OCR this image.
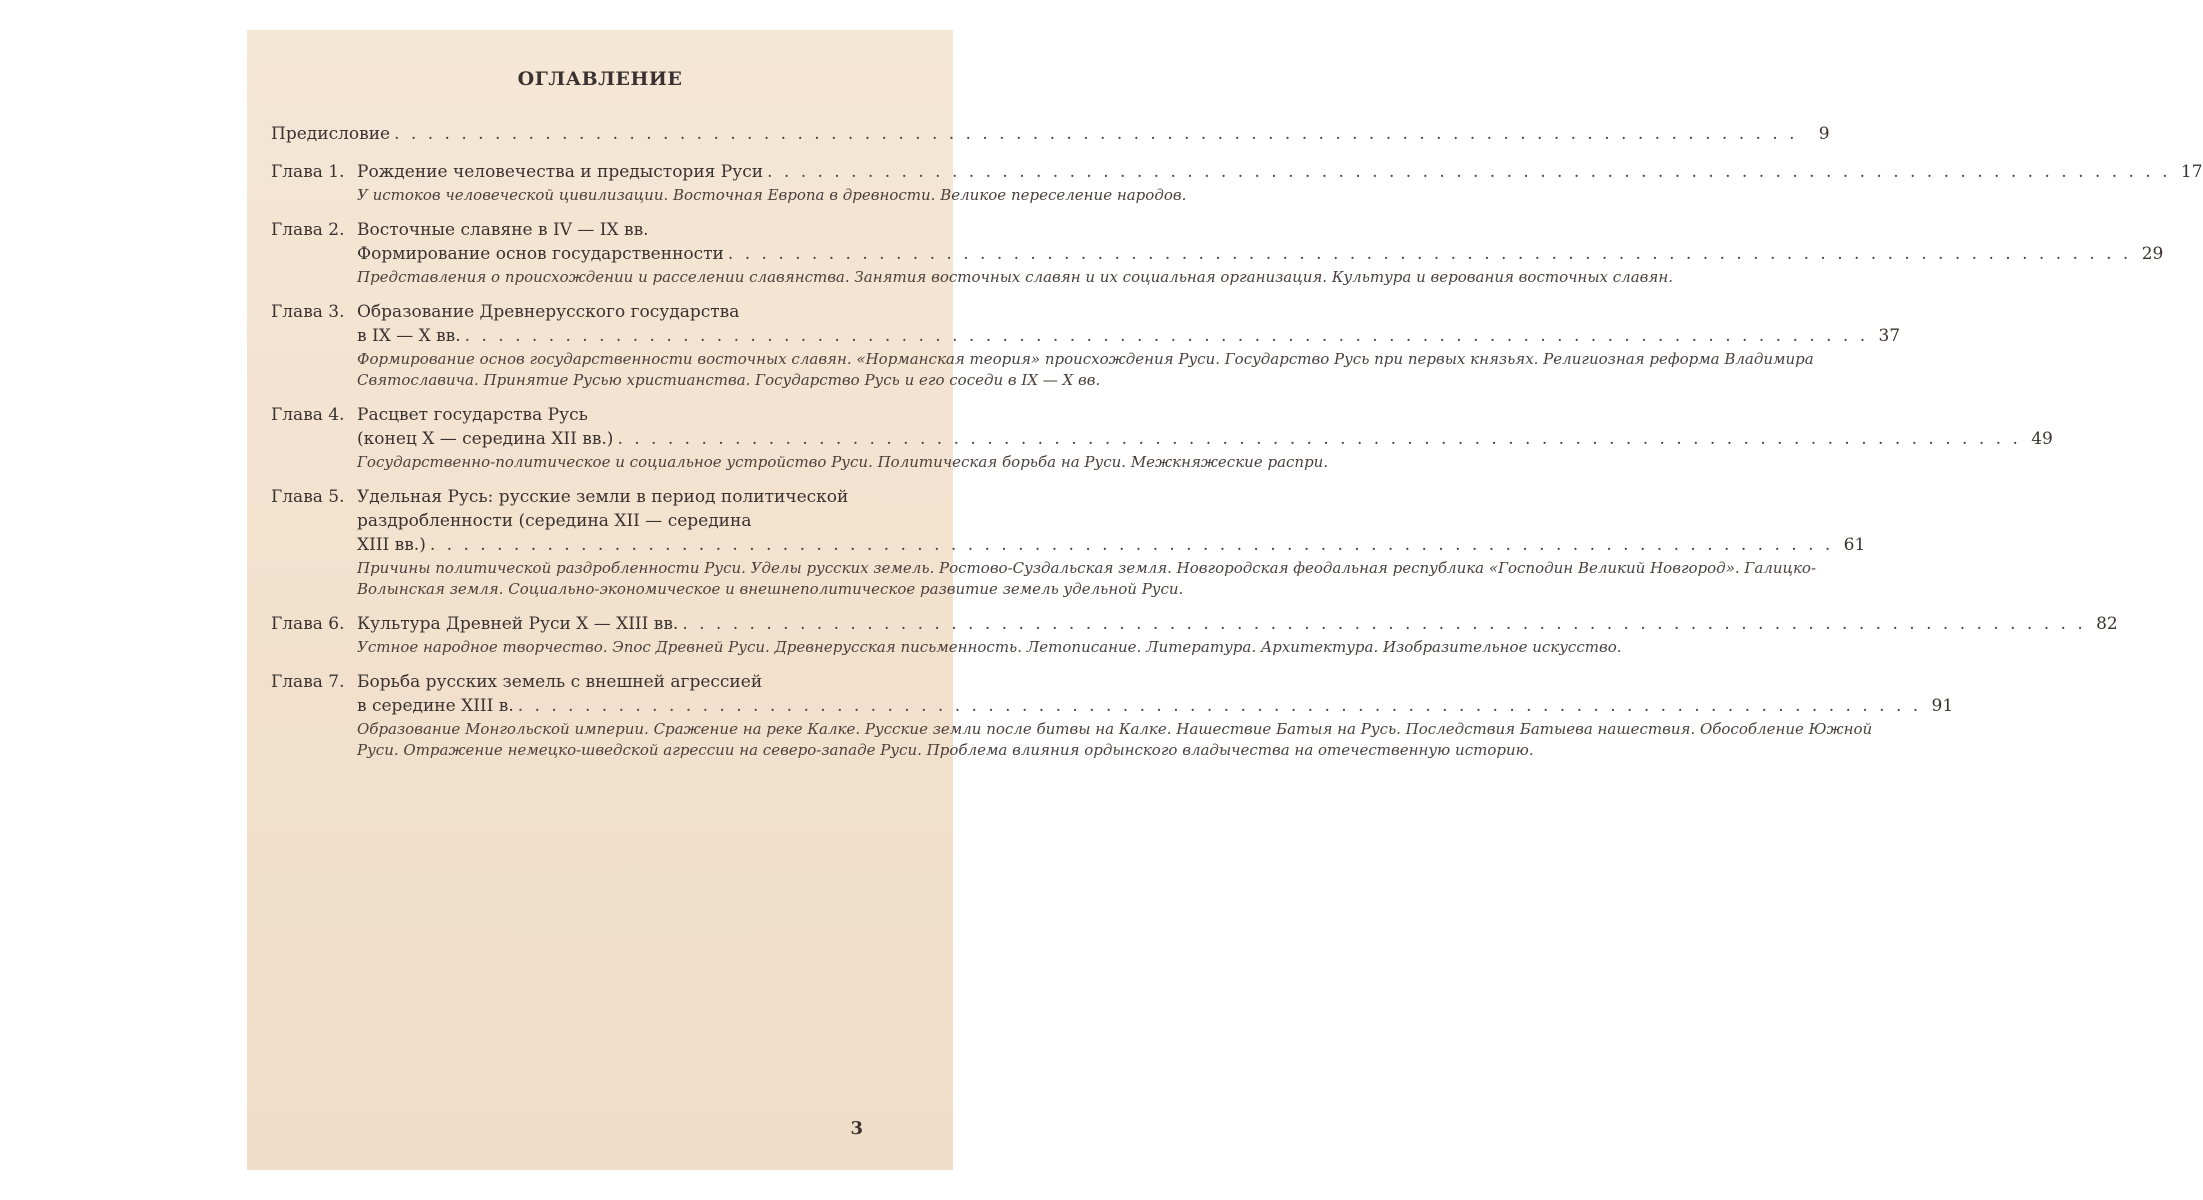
ОГЛАВЛЕНИЕ
Предисловие . . .	9
Глава 1. Рождение человечества и предыстория Руси . . .	17
У истоков человеческой цивилизации. Восточная Европа в древности. Великое переселение народов.
Глава 2. Восточные славяне в IV — IX вв.
Формирование основ государственности . . .	29
Представления о происхождении и расселении славянства. Занятия восточных славян и их социальная организация. Культура и верования восточных славян.
Глава 3. Образование Древнерусского государства
в IX — X вв. . . .	37
Формирование основ государственности восточных славян. «Норманская теория» происхождения Руси. Государство Русь при первых князьях. Религиозная реформа Владимира Святославича. Принятие Русью христианства. Государство Русь и его соседи в IX — X вв.
Глава 4. Расцвет государства Русь
(конец X — середина XII вв.) . . .	49
Государственно-политическое и социальное устройство Руси. Политическая борьба на Руси. Межкняжеские распри.
Глава 5. Удельная Русь: русские земли в период политической
раздробленности (середина XII — середина
XIII вв.) . . .	61
Причины политической раздробленности Руси. Уделы русских земель. Ростово-Суздальская земля. Новгородская феодальная республика «Господин Великий Новгород». Галицко-Волынская земля. Социально-экономическое и внешнеполитическое развитие земель удельной Руси.
Глава 6. Культура Древней Руси X — XIII вв. . . .	82
Устное народное творчество. Эпос Древней Руси. Древнерусская письменность. Летописание. Литература. Архитектура. Изобразительное искусство.
Глава 7. Борьба русских земель с внешней агрессией
в середине XIII в. . . .	91
Образование Монгольской империи. Сражение на реке Калке. Русские земли после битвы на Калке. Нашествие Батыя на Русь. Последствия Батыева нашествия. Обособление Южной Руси. Отражение немецко-шведской агрессии на северо-западе Руси. Проблема влияния ордынского владычества на отечественную историю.
3
